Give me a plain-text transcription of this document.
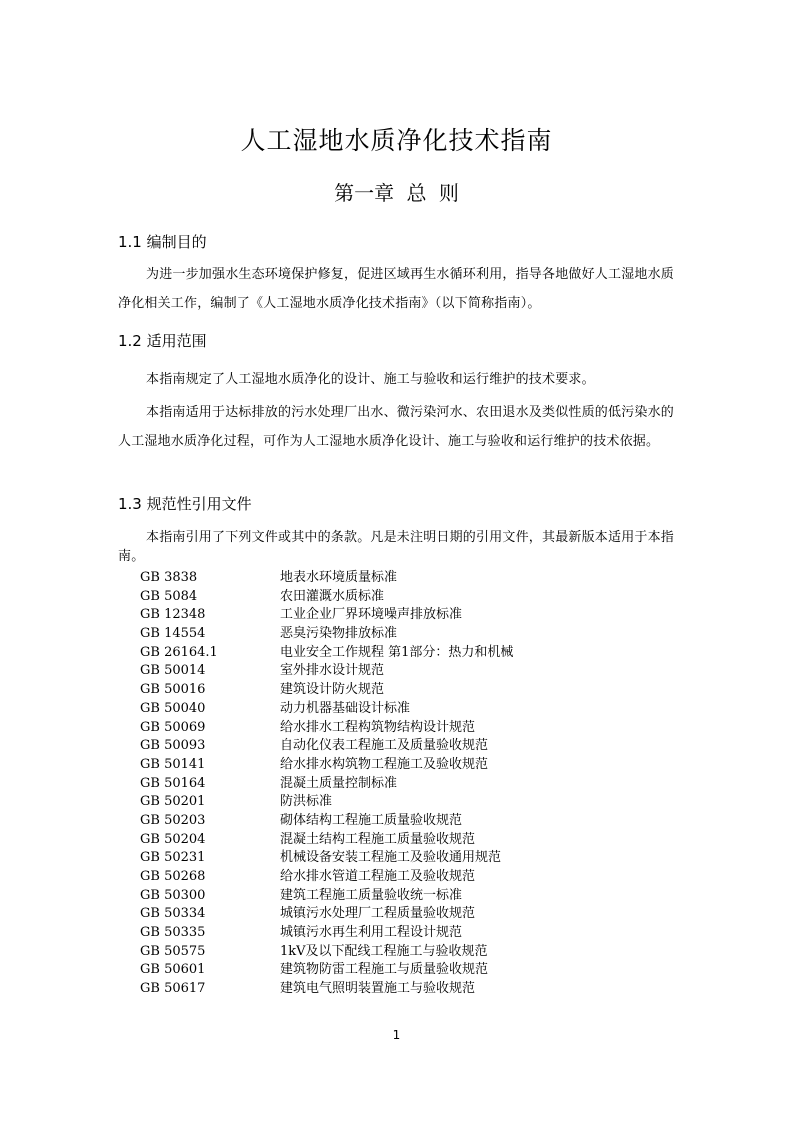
人工湿地水质净化技术指南
第一章 总 则
1.1 编制目的

为进一步加强水生态环境保护修复，促进区域再生水循环利用，指导各地做好人工湿地水质净化相关工作，编制了《人工湿地水质净化技术指南》（以下简称指南）。

1.2 适用范围

本指南规定了人工湿地水质净化的设计、施工与验收和运行维护的技术要求。

本指南适用于达标排放的污水处理厂出水、微污染河水、农田退水及类似性质的低污染水的人工湿地水质净化过程，可作为人工湿地水质净化设计、施工与验收和运行维护的技术依据。

1.3 规范性引用文件

本指南引用了下列文件或其中的条款。凡是未注明日期的引用文件，其最新版本适用于本指南。

GB 3838	地表水环境质量标准
GB 5084	农田灌溉水质标准
GB 12348	工业企业厂界环境噪声排放标准
GB 14554	恶臭污染物排放标准
GB 26164.1	电业安全工作规程 第1部分：热力和机械
GB 50014	室外排水设计规范
GB 50016	建筑设计防火规范
GB 50040	动力机器基础设计标准
GB 50069	给水排水工程构筑物结构设计规范
GB 50093	自动化仪表工程施工及质量验收规范
GB 50141	给水排水构筑物工程施工及验收规范
GB 50164	混凝土质量控制标准
GB 50201	防洪标准
GB 50203	砌体结构工程施工质量验收规范
GB 50204	混凝土结构工程施工质量验收规范
GB 50231	机械设备安装工程施工及验收通用规范
GB 50268	给水排水管道工程施工及验收规范
GB 50300	建筑工程施工质量验收统一标准
GB 50334	城镇污水处理厂工程质量验收规范
GB 50335	城镇污水再生利用工程设计规范
GB 50575	1kV及以下配线工程施工与验收规范
GB 50601	建筑物防雷工程施工与质量验收规范
GB 50617	建筑电气照明装置施工与验收规范
1
